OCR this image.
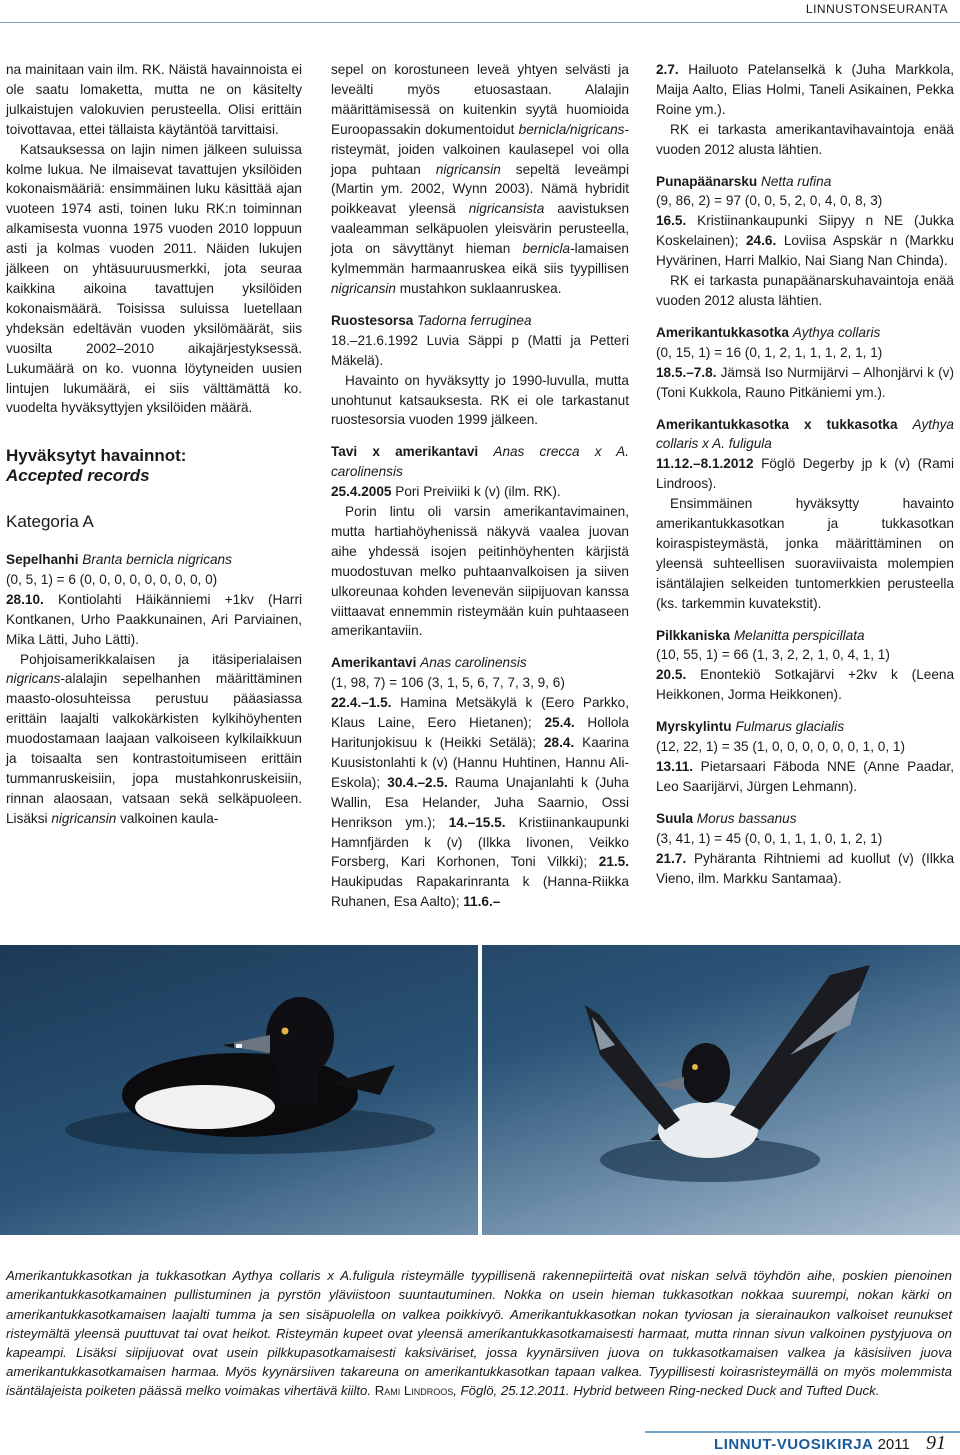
LINNUSTONSEURANTA

na mainitaan vain ilm. RK. Näistä havainnoista ei ole saatu lomaketta, mutta ne on käsitelty julkaistujen valokuvien perusteella. Olisi erittäin toivottavaa, ettei tällaista käytäntöä tarvittaisi.

Katsauksessa on lajin nimen jälkeen suluissa kolme lukua. Ne ilmaisevat tavattujen yksilöiden kokonaismääriä: ensimmäinen luku käsittää ajan vuoteen 1974 asti, toinen luku RK:n toiminnan alkamisesta vuonna 1975 vuoden 2010 loppuun asti ja kolmas vuoden 2011. Näiden lukujen jälkeen on yhtäsuuruusmerkki, jota seuraa kaikkina aikoina tavattujen yksilöiden kokonaismäärä. Toisissa suluissa luetellaan yhdeksän edeltävän vuoden yksilömäärät, siis vuosilta 2002–2010 aikajärjestyksessä. Lukumäärä on ko. vuonna löytyneiden uusien lintujen lukumäärä, ei siis välttämättä ko. vuodelta hyväksyttyjen yksilöiden määrä.

Hyväksytyt havainnot:
Accepted records
Kategoria A

Sepelhanhi Branta bernicla nigricans

(0, 5, 1) = 6 (0, 0, 0, 0, 0, 0, 0, 0, 0)

28.10. Kontiolahti Häikänniemi +1kv (Harri Kontkanen, Urho Paakkunainen, Ari Parviainen, Mika Lätti, Juho Lätti).

Pohjoisamerikkalaisen ja itäsiperialaisen nigricans-alalajin sepelhanhen määrittäminen maasto-olosuhteissa perustuu pääasiassa erittäin laajalti valkokärkisten kylkihöyhenten muodostamaan laajaan valkoiseen kylkilaikkuun ja toisaalta sen kontrastoitumiseen erittäin tummanruskeisiin, jopa mustahkonruskeisiin, rinnan alaosaan, vatsaan sekä selkäpuoleen. Lisäksi nigricansin valkoinen kaula-

sepel on korostuneen leveä yhtyen selvästi ja leveälti myös etuosastaan. Alalajin määrittämisessä on kuitenkin syytä huomioida Euroopassakin dokumentoidut bernicla/nigricans-risteymät, joiden valkoinen kaulasepel voi olla jopa puhtaan nigricansin sepeltä leveämpi (Martin ym. 2002, Wynn 2003). Nämä hybridit poikkeavat yleensä nigricansista aavistuksen vaaleamman selkäpuolen yleisvärin perusteella, jota on sävyttänyt hieman bernicla-lamaisen kylmemmän harmaanruskea eikä siis tyypillisen nigricansin mustahkon suklaanruskea.

Ruostesorsa Tadorna ferruginea

18.–21.6.1992 Luvia Säppi p (Matti ja Petteri Mäkelä).

Havainto on hyväksytty jo 1990-luvulla, mutta unohtunut katsauksesta. RK ei ole tarkastanut ruostesorsia vuoden 1999 jälkeen.

Tavi x amerikantavi Anas crecca x A. carolinensis

25.4.2005 Pori Preiviiki k (v) (ilm. RK).

Porin lintu oli varsin amerikantavimainen, mutta hartiahöyhenissä näkyvä vaalea juovan aihe yhdessä isojen peitinhöyhenten kärjistä muodostuvan melko puhtaanvalkoisen ja siiven ulkoreunaa kohden levenevän siipijuovan kanssa viittaavat ennemmin risteymään kuin puhtaaseen amerikantaviin.

Amerikantavi Anas carolinensis

(1, 98, 7) = 106 (3, 1, 5, 6, 7, 7, 3, 9, 6)

22.4.–1.5. Hamina Metsäkylä k (Eero Parkko, Klaus Laine, Eero Hietanen); 25.4. Hollola Haritunjokisuu k (Heikki Setälä); 28.4. Kaarina Kuusistonlahti k (v) (Hannu Huhtinen, Hannu Ali-Eskola); 30.4.–2.5. Rauma Unajanlahti k (Juha Wallin, Esa Helander, Juha Saarnio, Ossi Henrikson ym.); 14.–15.5. Kristiinankaupunki Hamnfjärden k (v) (Ilkka Iivonen, Veikko Forsberg, Kari Korhonen, Toni Vilkki); 21.5. Haukipudas Rapakarinranta k (Hanna-Riikka Ruhanen, Esa Aalto); 11.6.–

2.7. Hailuoto Patelanselkä k (Juha Markkola, Maija Aalto, Elias Holmi, Taneli Asikainen, Pekka Roine ym.).

RK ei tarkasta amerikantavihavaintoja enää vuoden 2012 alusta lähtien.

Punapäänarsku Netta rufina

(9, 86, 2) = 97 (0, 0, 5, 2, 0, 4, 0, 8, 3)

16.5. Kristiinankaupunki Siipyy n NE (Jukka Koskelainen); 24.6. Loviisa Aspskär n (Markku Hyvärinen, Harri Malkio, Nai Siang Nan Chinda).

RK ei tarkasta punapäänarskuhavaintoja enää vuoden 2012 alusta lähtien.

Amerikantukkasotka Aythya collaris

(0, 15, 1) = 16 (0, 1, 2, 1, 1, 1, 2, 1, 1)

18.5.–7.8. Jämsä Iso Nurmijärvi – Alhonjärvi k (v) (Toni Kukkola, Rauno Pitkäniemi ym.).

Amerikantukkasotka x tukkasotka Aythya collaris x A. fuligula

11.12.–8.1.2012 Föglö Degerby jp k (v) (Rami Lindroos).

Ensimmäinen hyväksytty havainto amerikantukkasotkan ja tukkasotkan koiraspisteymästä, jonka määrittäminen on yleensä suhteellisen suoraviivaista molempien isäntälajien selkeiden tuntomerkkien perusteella (ks. tarkemmin kuvatekstit).

Pilkkaniska Melanitta perspicillata

(10, 55, 1) = 66 (1, 3, 2, 2, 1, 0, 4, 1, 1)

20.5. Enontekiö Sotkajärvi +2kv k (Leena Heikkonen, Jorma Heikkonen).

Myrskylintu Fulmarus glacialis

(12, 22, 1) = 35 (1, 0, 0, 0, 0, 0, 0, 1, 0, 1)

13.11. Pietarsaari Fäboda NNE (Anne Paadar, Leo Saarijärvi, Jürgen Lehmann).

Suula Morus bassanus

(3, 41, 1) = 45 (0, 0, 1, 1, 1, 0, 1, 2, 1)

21.7. Pyhäranta Rihtniemi ad kuollut (v) (Ilkka Vieno, ilm. Markku Santamaa).

Amerikantukkasotkan ja tukkasotkan Aythya collaris x A.fuligula risteymälle tyypillisenä rakennepiirteitä ovat niskan selvä töyhdön aihe, poskien pienoinen amerikantukkasotkamainen pullistuminen ja pyrstön yläviistoon suuntautuminen. Nokka on usein hieman tukkasotkan nokkaa suurempi, nokan kärki on amerikantukkasotkamaisen laajalti tumma ja sen sisäpuolella on valkea poikkivyö. Amerikantukkasotkan nokan tyviosan ja sierainaukon valkoiset reunukset risteymältä yleensä puuttuvat tai ovat heikot. Risteymän kupeet ovat yleensä amerikantukkasotkamaisesti harmaat, mutta rinnan sivun valkoinen pystyjuova on kapeampi. Lisäksi siipijuovat ovat usein pilkkupasotkamaisesti kaksiväriset, jossa kyynärsiiven juova on tukkasotkamaisen valkea ja käsisiiven juova amerikantukkasotkamaisen harmaa. Myös kyynärsiiven takareuna on amerikantukkasotkan tapaan valkea. Tyypillisesti koirasristeymällä on myös molemmista isäntälajeista poiketen päässä melko voimakas vihertävä kiilto. Rami Lindroos, Föglö, 25.12.2011. Hybrid between Ring-necked Duck and Tufted Duck.

LINNUT-VUOSIKIRJA 2011 91
